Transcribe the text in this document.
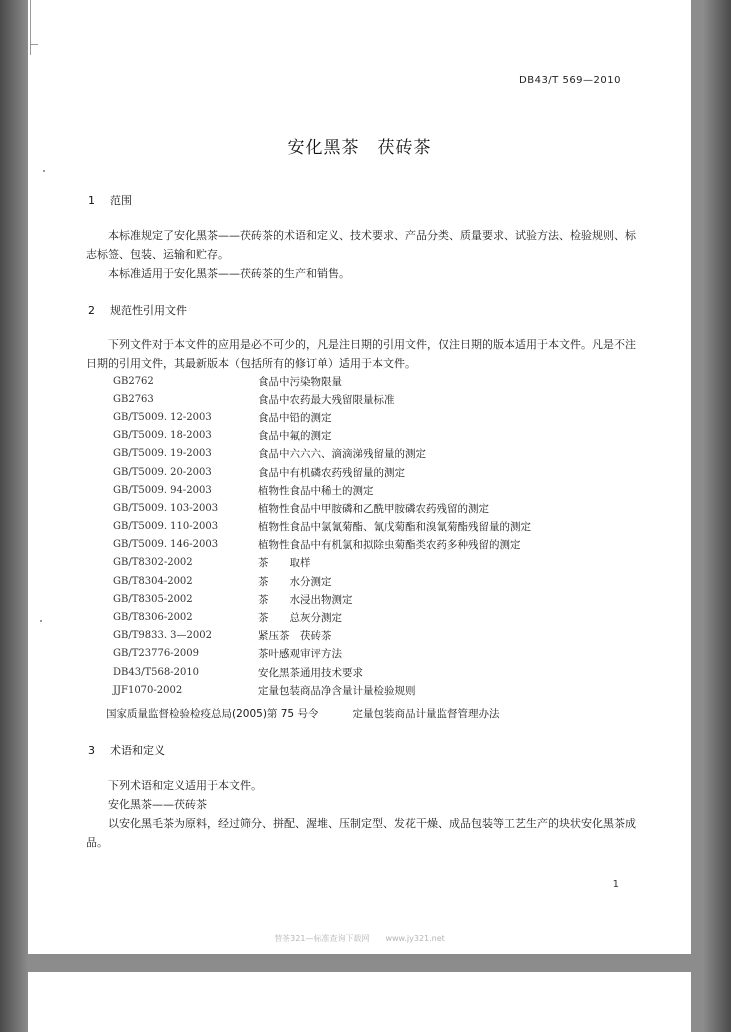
DB43/T 569—2010
安化黑茶　茯砖茶
1 范围

本标准规定了安化黑茶——茯砖茶的术语和定义、技术要求、产品分类、质量要求、试验方法、检验规则、标志标签、包装、运输和贮存。

本标准适用于安化黑茶——茯砖茶的生产和销售。

2 规范性引用文件

下列文件对于本文件的应用是必不可少的，凡是注日期的引用文件，仅注日期的版本适用于本文件。凡是不注日期的引用文件，其最新版本（包括所有的修订单）适用于本文件。

GB2762	食品中污染物限量
GB2763	食品中农药最大残留限量标准
GB/T5009. 12-2003	食品中铅的测定
GB/T5009. 18-2003	食品中氟的测定
GB/T5009. 19-2003	食品中六六六、滴滴涕残留量的测定
GB/T5009. 20-2003	食品中有机磷农药残留量的测定
GB/T5009. 94-2003	植物性食品中稀土的测定
GB/T5009. 103-2003	植物性食品中甲胺磷和乙酰甲胺磷农药残留的测定
GB/T5009. 110-2003	植物性食品中氯氰菊酯、氰戊菊酯和溴氰菊酯残留量的测定
GB/T5009. 146-2003	植物性食品中有机氯和拟除虫菊酯类农药多种残留的测定
GB/T8302-2002	茶　　取样
GB/T8304-2002	茶　　水分测定
GB/T8305-2002	茶　　水浸出物测定
GB/T8306-2002	茶　　总灰分测定
GB/T9833. 3—2002	紧压茶　茯砖茶
GB/T23776-2009	茶叶感观审评方法
DB43/T568-2010	安化黑茶通用技术要求
JJF1070-2002	定量包装商品净含量计量检验规则
国家质量监督检验检疫总局(2005)第 75 号令	定量包装商品计量监督管理办法
3 术语和定义

下列术语和定义适用于本文件。

安化黑茶——茯砖茶

以安化黑毛茶为原料，经过筛分、拼配、渥堆、压制定型、发花干燥、成品包装等工艺生产的块状安化黑茶成品。

1
替茶321—标准查询下载网　　www.jy321.net
